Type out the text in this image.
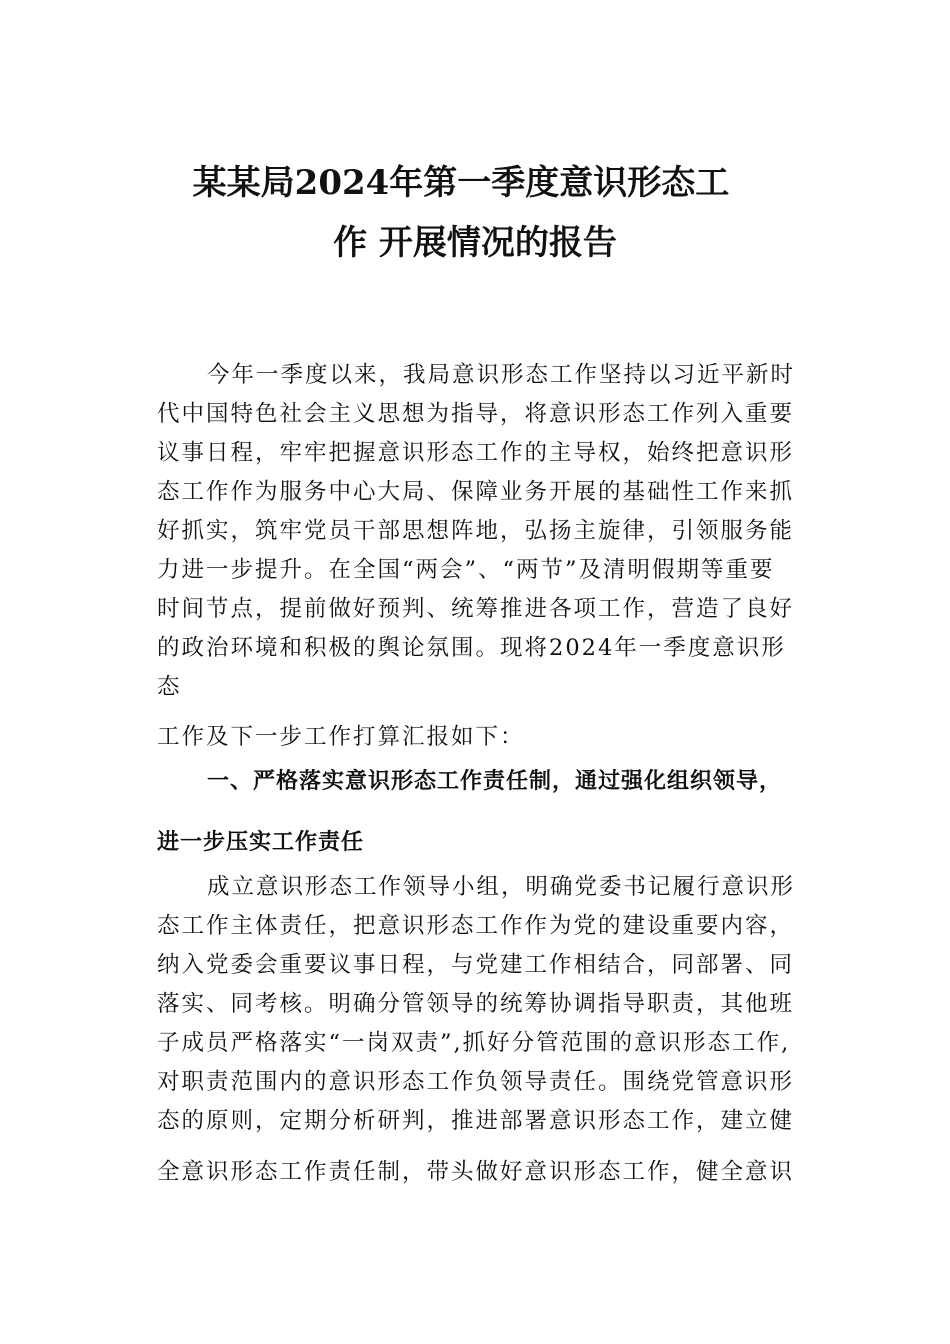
某某局2024年第一季度意识形态工
作 开展情况的报告
今年一季度以来，我局意识形态工作坚持以习近平新时
代中国特色社会主义思想为指导，将意识形态工作列入重要
议事日程，牢牢把握意识形态工作的主导权，始终把意识形
态工作作为服务中心大局、保障业务开展的基础性工作来抓
好抓实，筑牢党员干部思想阵地，弘扬主旋律，引领服务能
力进一步提升。在全国“两会”、“两节”及清明假期等重要
时间节点，提前做好预判、统筹推进各项工作，营造了良好
的政治环境和积极的舆论氛围。现将2024年一季度意识形
态
工作及下一步工作打算汇报如下：
一、严格落实意识形态工作责任制，通过强化组织领导，
进一步压实工作责任
成立意识形态工作领导小组，明确党委书记履行意识形
态工作主体责任，把意识形态工作作为党的建设重要内容，
纳入党委会重要议事日程，与党建工作相结合，同部署、同
落实、同考核。明确分管领导的统筹协调指导职责，其他班
子成员严格落实“一岗双责”,抓好分管范围的意识形态工作,
对职责范围内的意识形态工作负领导责任。围绕党管意识形
态的原则，定期分析研判，推进部署意识形态工作，建立健
全意识形态工作责任制，带头做好意识形态工作，健全意识
